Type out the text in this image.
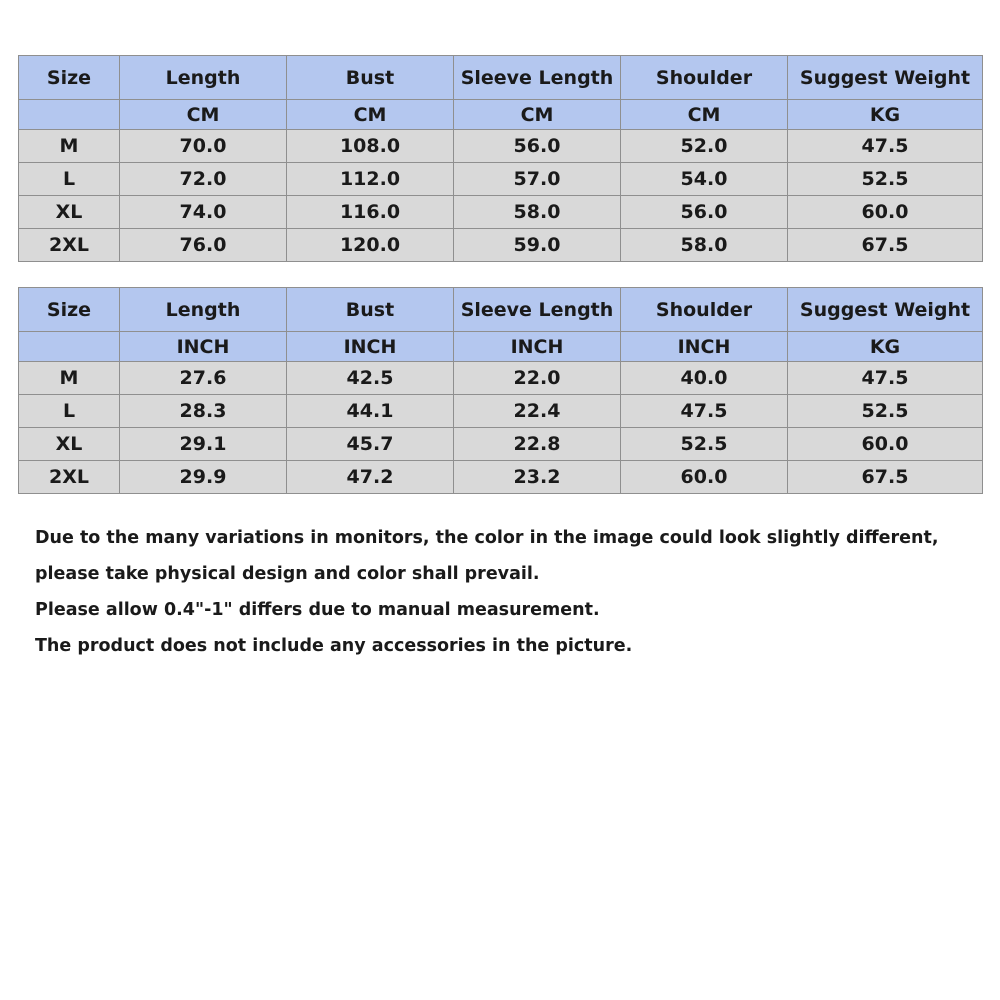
Size	Length	Bust	Sleeve Length	Shoulder	Suggest Weight
	CM	CM	CM	CM	KG
M	70.0	108.0	56.0	52.0	47.5
L	72.0	112.0	57.0	54.0	52.5
XL	74.0	116.0	58.0	56.0	60.0
2XL	76.0	120.0	59.0	58.0	67.5
Size	Length	Bust	Sleeve Length	Shoulder	Suggest Weight
	INCH	INCH	INCH	INCH	KG
M	27.6	42.5	22.0	40.0	47.5
L	28.3	44.1	22.4	47.5	52.5
XL	29.1	45.7	22.8	52.5	60.0
2XL	29.9	47.2	23.2	60.0	67.5

Due to the many variations in monitors, the color in the image could look slightly different,

please take physical design and color shall prevail.

Please allow 0.4"-1" differs due to manual measurement.

The product does not include any accessories in the picture.
